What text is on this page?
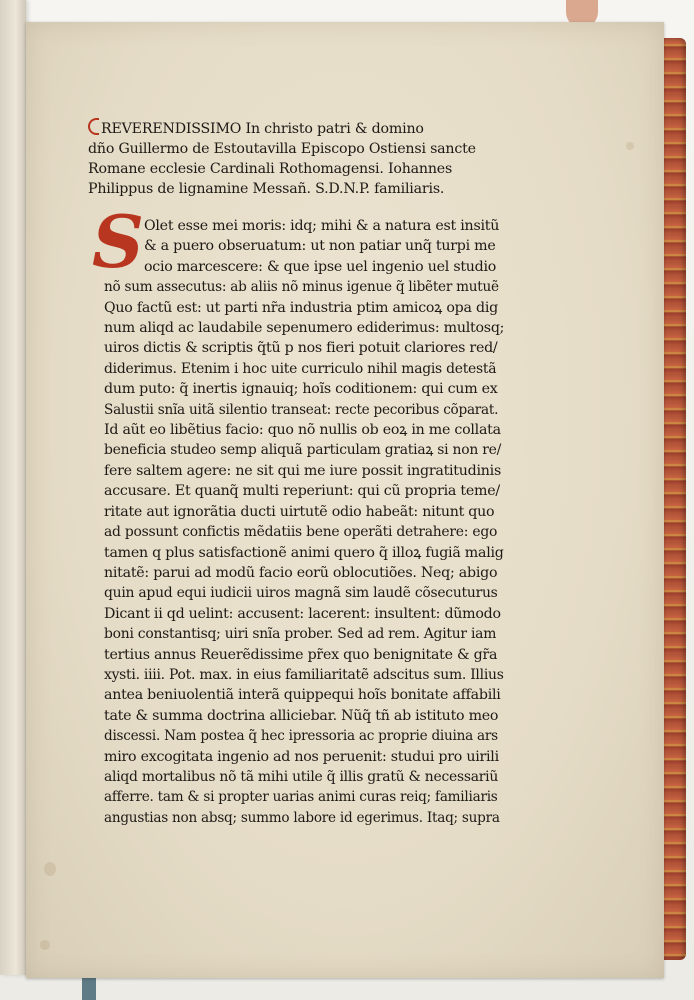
REVERENDISSIMO In christo patri & domino
dño Guillermo de Estoutavilla Episcopo Ostiensi sancte
Romane ecclesie Cardinali Rothomagensi. Iohannes
Philippus de lignamine Messañ. S.D.N.P. familiaris.
S Olet esse mei moris: idq; mihi & a natura est insitũ
& a puero obseruatum: ut non patiar unq̃ turpi me
ocio marcescere: & que ipse uel ingenio uel studio
nõ sum assecutus: ab aliis nõ minus igenue q̃ libẽter mutuẽ
Quo factũ est: ut parti nr̃a industria ptim amicoꝝ opa dig
num aliqd ac laudabile sepenumero ediderimus: multosq;
uiros dictis & scriptis q̃tũ p nos fieri potuit clariores red/
diderimus. Etenim i hoc uite curriculo nihil magis detestã
dum puto: q̃ inertis ignauiq; hoĩs coditionem: qui cum ex
Salustii snĩa uitã silentio transeat: recte pecoribus cõparat.
Id aũt eo libẽtius facio: quo nõ nullis ob eoꝝ in me collata
beneficia studeo semp aliquã particulam gratiaꝝ si non re/
fere saltem agere: ne sit qui me iure possit ingratitudinis
accusare. Et quanq̃ multi reperiunt: qui cũ propria teme/
ritate aut ignorãtia ducti uirtutẽ odio habeãt: nitunt quo
ad possunt confictis mẽdatiis bene operãti detrahere: ego
tamen q plus satisfactionẽ animi quero q̃ illoꝝ fugiã malig
nitatẽ: parui ad modũ facio eorũ oblocutiões. Neq; abigo
quin apud equi iudicii uiros magnã sim laudẽ cõsecuturus
Dicant ii qd uelint: accusent: lacerent: insultent: dũmodo
boni constantisq; uiri snĩa prober. Sed ad rem. Agitur iam
tertius annus Reuerẽdissime pr̃ex quo benignitate & gr̃a
xysti. iiii. Pot. max. in eius familiaritatẽ adscitus sum. Illius
antea beniuolentiã interã quippequi hoĩs bonitate affabili
tate & summa doctrina alliciebar. Nũq̃ tñ ab istituto meo
discessi. Nam postea q̃ hec ipressoria ac proprie diuina ars
miro excogitata ingenio ad nos peruenit: studui pro uirili
aliqd mortalibus nõ tã mihi utile q̃ illis gratũ & necessariũ
afferre. tam & si propter uarias animi curas reiq; familiaris
angustias non absq; summo labore id egerimus. Itaq; supra
